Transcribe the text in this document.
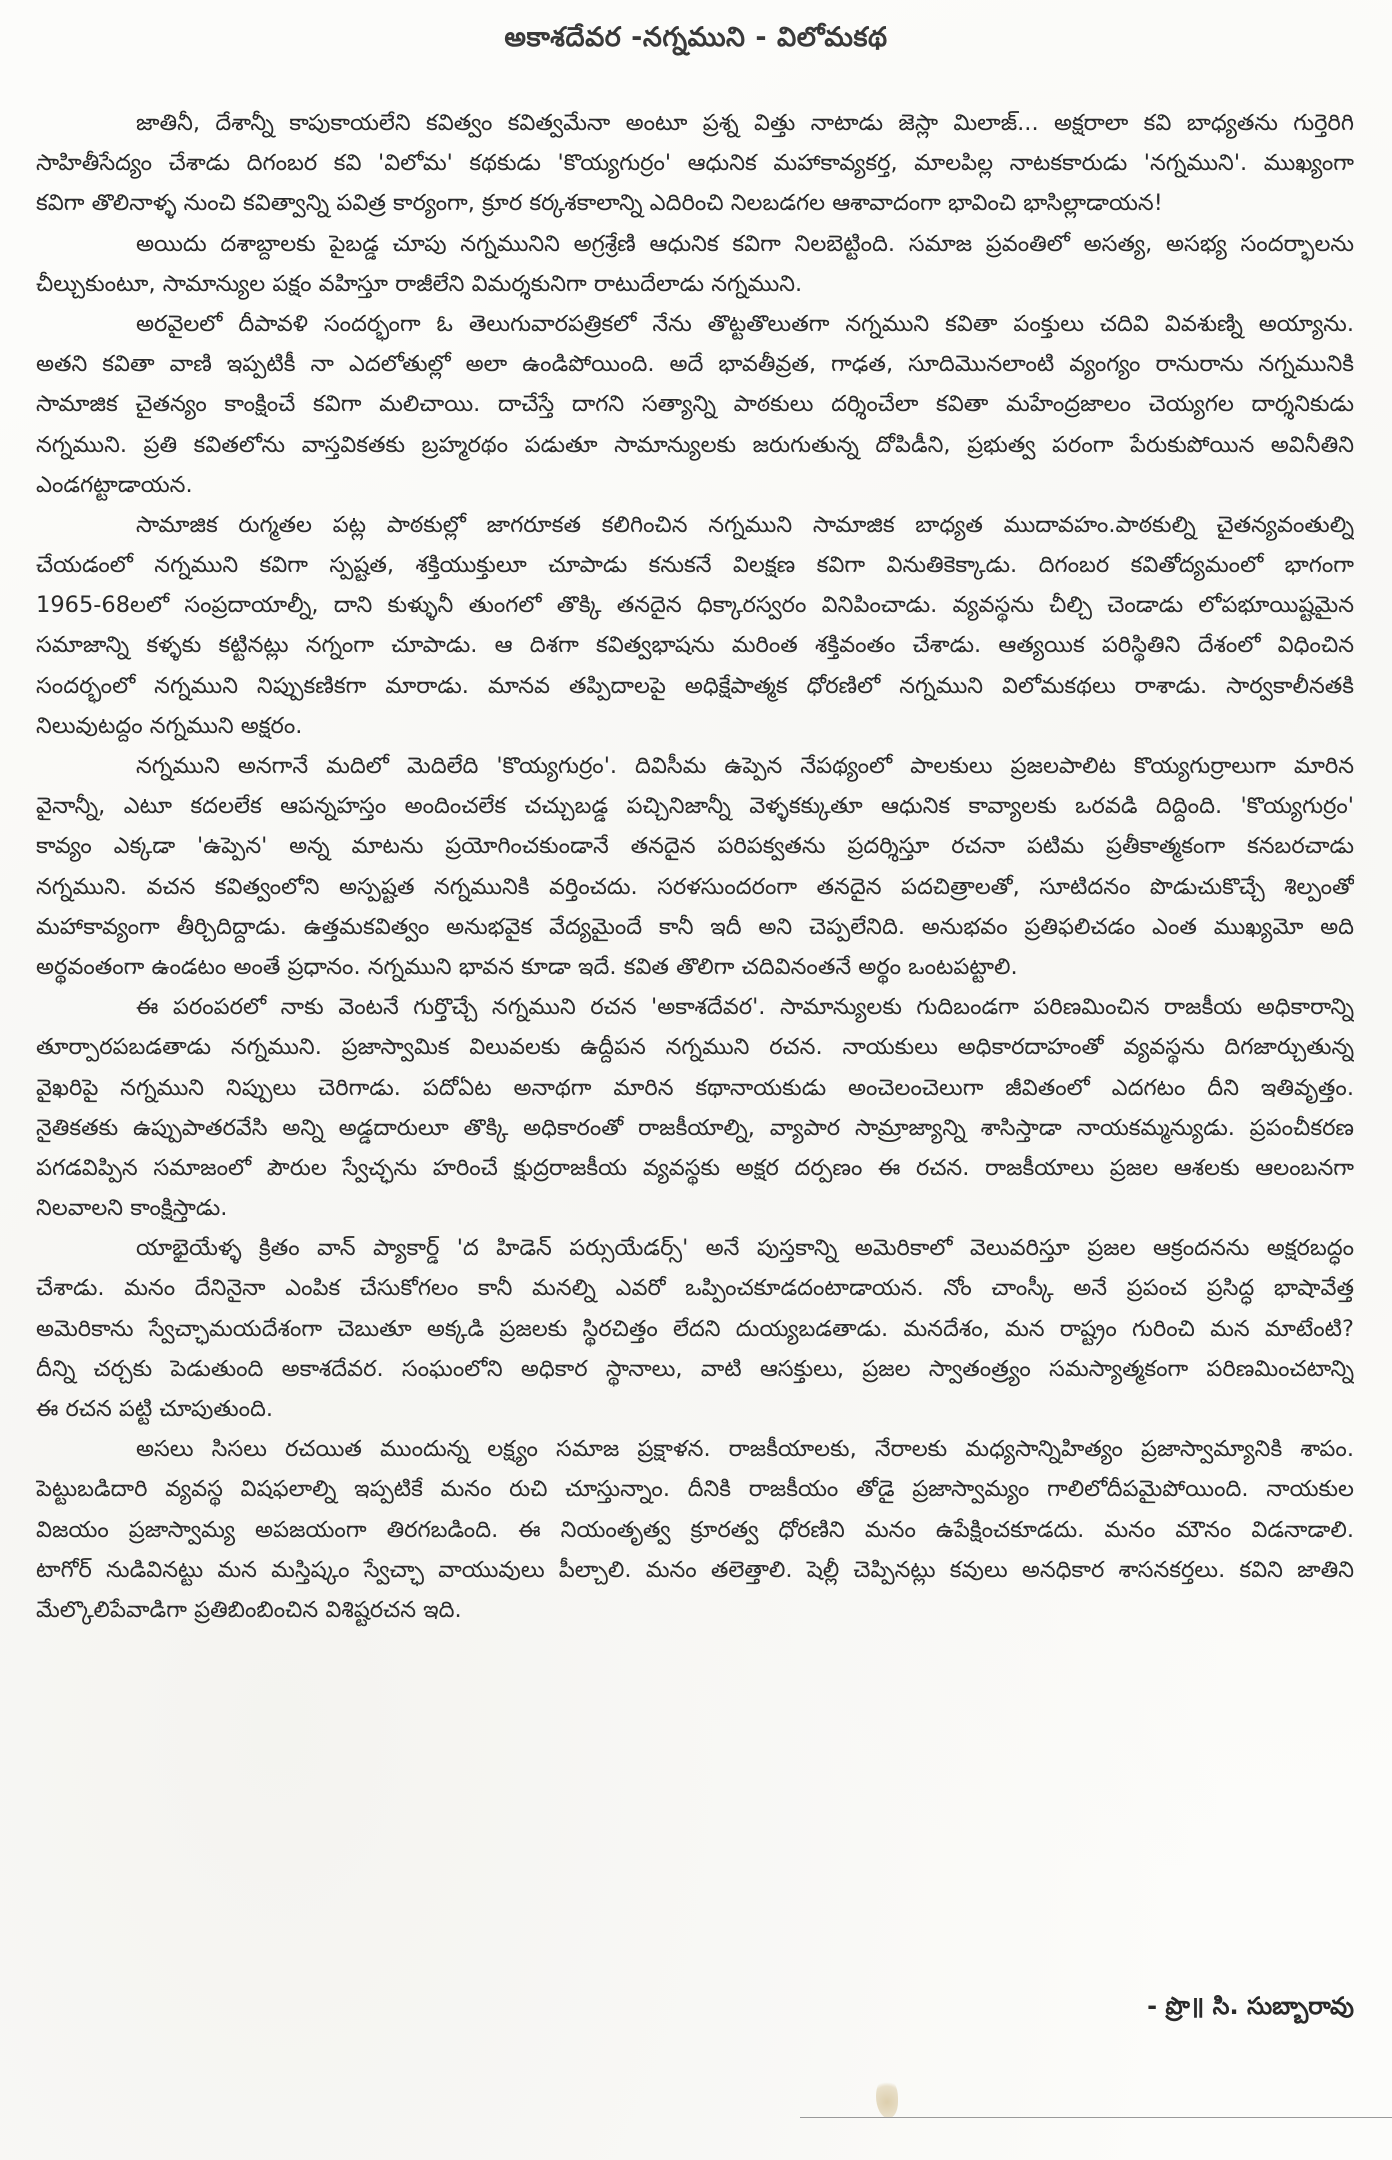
అకాశదేవర -నగ్నముని - విలోమకథ
జాతినీ, దేశాన్నీ కాపుకాయలేని కవిత్వం కవిత్వమేనా అంటూ ప్రశ్న విత్తు నాటాడు జెస్లా మిలాజ్... అక్షరాలా కవి బాధ్యతను గుర్తెరిగి
సాహితీసేద్యం చేశాడు దిగంబర కవి 'విలోమ' కథకుడు 'కొయ్యగుర్రం' ఆధునిక మహాకావ్యకర్త, మాలపిల్ల నాటకకారుడు 'నగ్నముని'. ముఖ్యంగా
కవిగా తొలినాళ్ళ నుంచి కవిత్వాన్ని పవిత్ర కార్యంగా, క్రూర కర్కశకాలాన్ని ఎదిరించి నిలబడగల ఆశావాదంగా భావించి భాసిల్లాడాయన!
అయిదు దశాబ్దాలకు పైబడ్డ చూపు నగ్నమునిని అగ్రశ్రేణి ఆధునిక కవిగా నిలబెట్టింది. సమాజ ప్రవంతిలో అసత్య, అసభ్య సందర్భాలను
చీల్చుకుంటూ, సామాన్యుల పక్షం వహిస్తూ రాజీలేని విమర్శకునిగా రాటుదేలాడు నగ్నముని.
అరవైలలో దీపావళి సందర్భంగా ఓ తెలుగువారపత్రికలో నేను తొట్టతొలుతగా నగ్నముని కవితా పంక్తులు చదివి వివశుణ్ని అయ్యాను.
అతని కవితా వాణి ఇప్పటికీ నా ఎదలోతుల్లో అలా ఉండిపోయింది. అదే భావతీవ్రత, గాఢత, సూదిమొనలాంటి వ్యంగ్యం రానురాను నగ్నమునికి
సామాజిక చైతన్యం కాంక్షించే కవిగా మలిచాయి. దాచేస్తే దాగని సత్యాన్ని పాఠకులు దర్శించేలా కవితా మహేంద్రజాలం చెయ్యగల దార్శనికుడు
నగ్నముని. ప్రతి కవితలోను వాస్తవికతకు బ్రహ్మరథం పడుతూ సామాన్యులకు జరుగుతున్న దోపిడీని, ప్రభుత్వ పరంగా పేరుకుపోయిన అవినీతిని
ఎండగట్టాడాయన.
సామాజిక రుగ్మతల పట్ల పాఠకుల్లో జాగరూకత కలిగించిన నగ్నముని సామాజిక బాధ్యత ముదావహం.పాఠకుల్ని చైతన్యవంతుల్ని
చేయడంలో నగ్నముని కవిగా స్పష్టత, శక్తియుక్తులూ చూపాడు కనుకనే విలక్షణ కవిగా వినుతికెక్కాడు. దిగంబర కవితోద్యమంలో భాగంగా
1965-68లలో సంప్రదాయాల్నీ, దాని కుళ్ళునీ తుంగలో తొక్కి తనదైన ధిక్కారస్వరం వినిపించాడు. వ్యవస్థను చీల్చి చెండాడు లోపభూయిష్టమైన
సమాజాన్ని కళ్ళకు కట్టినట్లు నగ్నంగా చూపాడు. ఆ దిశగా కవిత్వభాషను మరింత శక్తివంతం చేశాడు. ఆత్యయిక పరిస్థితిని దేశంలో విధించిన
సందర్భంలో నగ్నముని నిప్పుకణికగా మారాడు. మానవ తప్పిదాలపై అధిక్షేపాత్మక ధోరణిలో నగ్నముని విలోమకథలు రాశాడు. సార్వకాలీనతకి
నిలువుటద్దం నగ్నముని అక్షరం.
నగ్నముని అనగానే మదిలో మెదిలేది 'కొయ్యగుర్రం'. దివిసీమ ఉప్పెన నేపథ్యంలో పాలకులు ప్రజలపాలిట కొయ్యగుర్రాలుగా మారిన
వైనాన్నీ, ఎటూ కదలలేక ఆపన్నహస్తం అందించలేక చచ్చుబడ్డ పచ్చినిజాన్నీ వెళ్ళకక్కుతూ ఆధునిక కావ్యాలకు ఒరవడి దిద్దింది. 'కొయ్యగుర్రం'
కావ్యం ఎక్కడా 'ఉప్పెన' అన్న మాటను ప్రయోగించకుండానే తనదైన పరిపక్వతను ప్రదర్శిస్తూ రచనా పటిమ ప్రతీకాత్మకంగా కనబరచాడు
నగ్నముని. వచన కవిత్వంలోని అస్పష్టత నగ్నమునికి వర్తించదు. సరళసుందరంగా తనదైన పదచిత్రాలతో, సూటిదనం పొడుచుకొచ్చే శిల్పంతో
మహాకావ్యంగా తీర్చిదిద్దాడు. ఉత్తమకవిత్వం అనుభవైక వేద్యమైందే కానీ ఇదీ అని చెప్పలేనిది. అనుభవం ప్రతిఫలిచడం ఎంత ముఖ్యమో అది
అర్థవంతంగా ఉండటం అంతే ప్రధానం. నగ్నముని భావన కూడా ఇదే. కవిత తొలిగా చదివినంతనే అర్థం ఒంటపట్టాలి.
ఈ పరంపరలో నాకు వెంటనే గుర్తొచ్చే నగ్నముని రచన 'అకాశదేవర'. సామాన్యులకు గుదిబండగా పరిణమించిన రాజకీయ అధికారాన్ని
తూర్పారపబడతాడు నగ్నముని. ప్రజాస్వామిక విలువలకు ఉద్దీపన నగ్నముని రచన. నాయకులు అధికారదాహంతో వ్యవస్థను దిగజార్చుతున్న
వైఖరిపై నగ్నముని నిప్పులు చెరిగాడు. పదోఏట అనాథగా మారిన కథానాయకుడు అంచెలంచెలుగా జీవితంలో ఎదగటం దీని ఇతివృత్తం.
నైతికతకు ఉప్పుపాతరవేసి అన్ని అడ్డదారులూ తొక్కి అధికారంతో రాజకీయాల్ని, వ్యాపార సామ్రాజ్యాన్ని శాసిస్తాడా నాయకమ్మన్యుడు. ప్రపంచీకరణ
పగడవిప్పిన సమాజంలో పౌరుల స్వేచ్ఛను హరించే క్షుద్రరాజకీయ వ్యవస్థకు అక్షర దర్పణం ఈ రచన. రాజకీయాలు ప్రజల ఆశలకు ఆలంబనగా
నిలవాలని కాంక్షిస్తాడు.
యాభైయేళ్ళ క్రితం వాన్ ప్యాకార్డ్ 'ద హిడెన్ పర్సుయేడర్స్' అనే పుస్తకాన్ని అమెరికాలో వెలువరిస్తూ ప్రజల ఆక్రందనను అక్షరబద్ధం
చేశాడు. మనం దేనినైనా ఎంపిక చేసుకోగలం కానీ మనల్ని ఎవరో ఒప్పించకూడదంటాడాయన. నోం చాంస్కీ అనే ప్రపంచ ప్రసిద్ధ భాషావేత్త
అమెరికాను స్వేచ్ఛామయదేశంగా చెబుతూ అక్కడి ప్రజలకు స్థిరచిత్తం లేదని దుయ్యబడతాడు. మనదేశం, మన రాష్ట్రం గురించి మన మాటేంటి?
దీన్ని చర్చకు పెడుతుంది అకాశదేవర. సంఘంలోని అధికార స్థానాలు, వాటి ఆసక్తులు, ప్రజల స్వాతంత్ర్యం సమస్యాత్మకంగా పరిణమించటాన్ని
ఈ రచన పట్టి చూపుతుంది.
అసలు సిసలు రచయిత ముందున్న లక్ష్యం సమాజ ప్రక్షాళన. రాజకీయాలకు, నేరాలకు మధ్యసాన్నిహిత్యం ప్రజాస్వామ్యానికి శాపం.
పెట్టుబడిదారి వ్యవస్థ విషఫలాల్ని ఇప్పటికే మనం రుచి చూస్తున్నాం. దీనికి రాజకీయం తోడై ప్రజాస్వామ్యం గాలిలోదీపమైపోయింది. నాయకుల
విజయం ప్రజాస్వామ్య అపజయంగా తిరగబడింది. ఈ నియంతృత్వ క్రూరత్వ ధోరణిని మనం ఉపేక్షించకూడదు. మనం మౌనం విడనాడాలి.
టాగోర్ నుడివినట్టు మన మస్తిష్కం స్వేచ్ఛా వాయువులు పీల్చాలి. మనం తలెత్తాలి. షెల్లీ చెప్పినట్లు కవులు అనధికార శాసనకర్తలు. కవిని జాతిని
మేల్కొలిపేవాడిగా ప్రతిబింబించిన విశిష్టరచన ఇది.
- ప్రొ॥ సి. సుబ్బారావు
